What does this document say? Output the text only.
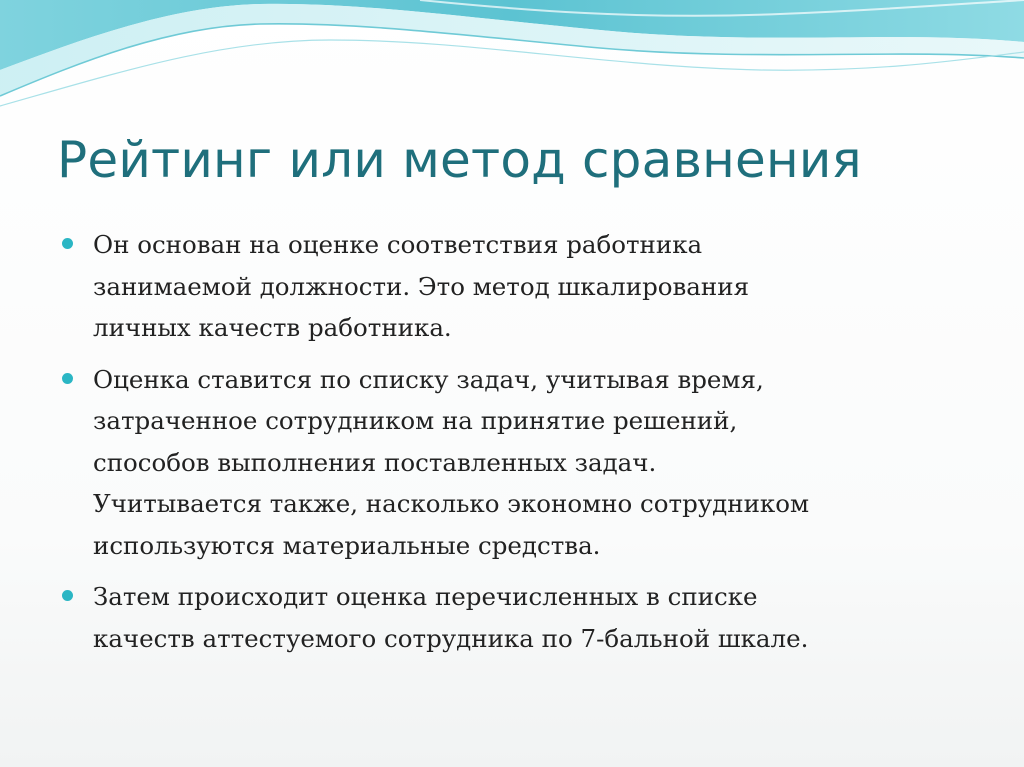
Рейтинг или метод сравнения
Он основан на оценке соответствия работника
занимаемой должности. Это метод шкалирования
личных качеств работника.
Оценка ставится по списку задач, учитывая время,
затраченное сотрудником на принятие решений,
способов выполнения поставленных задач.
Учитывается также, насколько экономно сотрудником
используются материальные средства.
Затем происходит оценка перечисленных в списке
качеств аттестуемого сотрудника по 7-бальной шкале.
